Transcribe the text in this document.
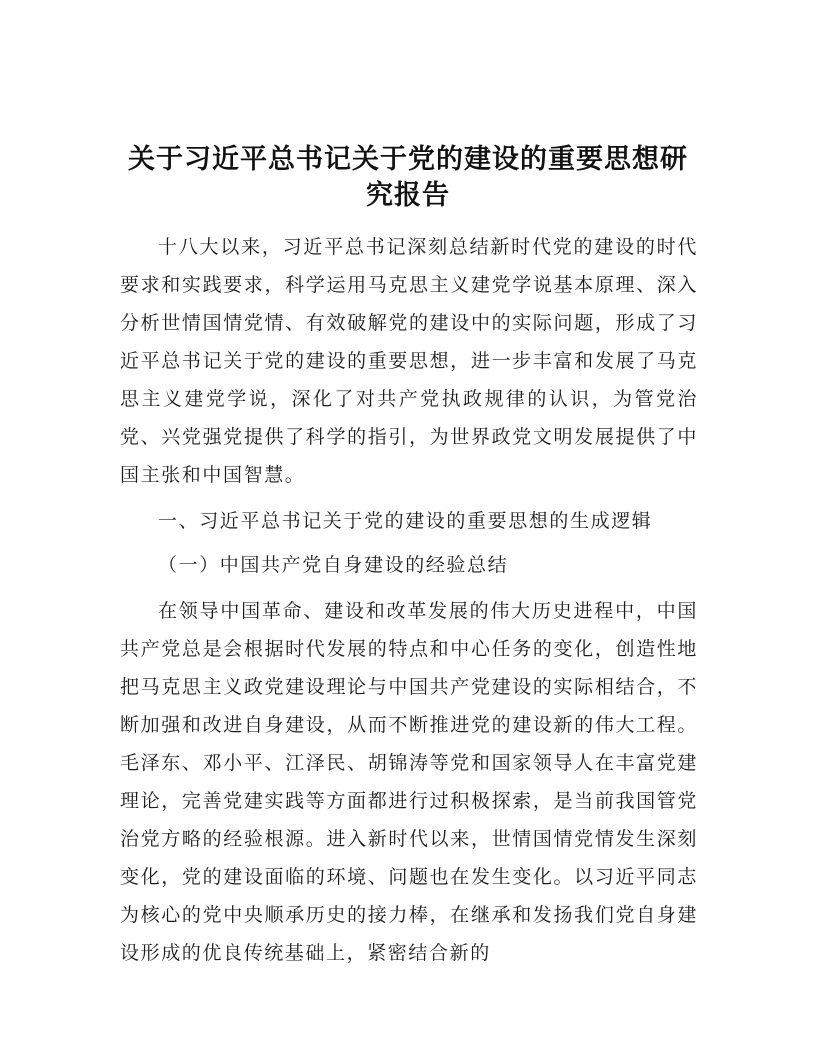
关于习近平总书记关于党的建设的重要思想研究报告

十八大以来，习近平总书记深刻总结新时代党的建设的时代要求和实践要求，科学运用马克思主义建党学说基本原理、深入分析世情国情党情、有效破解党的建设中的实际问题，形成了习近平总书记关于党的建设的重要思想，进一步丰富和发展了马克思主义建党学说，深化了对共产党执政规律的认识，为管党治党、兴党强党提供了科学的指引，为世界政党文明发展提供了中国主张和中国智慧。

一、习近平总书记关于党的建设的重要思想的生成逻辑

（一）中国共产党自身建设的经验总结

在领导中国革命、建设和改革发展的伟大历史进程中，中国共产党总是会根据时代发展的特点和中心任务的变化，创造性地把马克思主义政党建设理论与中国共产党建设的实际相结合，不断加强和改进自身建设，从而不断推进党的建设新的伟大工程。毛泽东、邓小平、江泽民、胡锦涛等党和国家领导人在丰富党建理论，完善党建实践等方面都进行过积极探索，是当前我国管党治党方略的经验根源。进入新时代以来，世情国情党情发生深刻变化，党的建设面临的环境、问题也在发生变化。以习近平同志为核心的党中央顺承历史的接力棒，在继承和发扬我们党自身建设形成的优良传统基础上，紧密结合新的
